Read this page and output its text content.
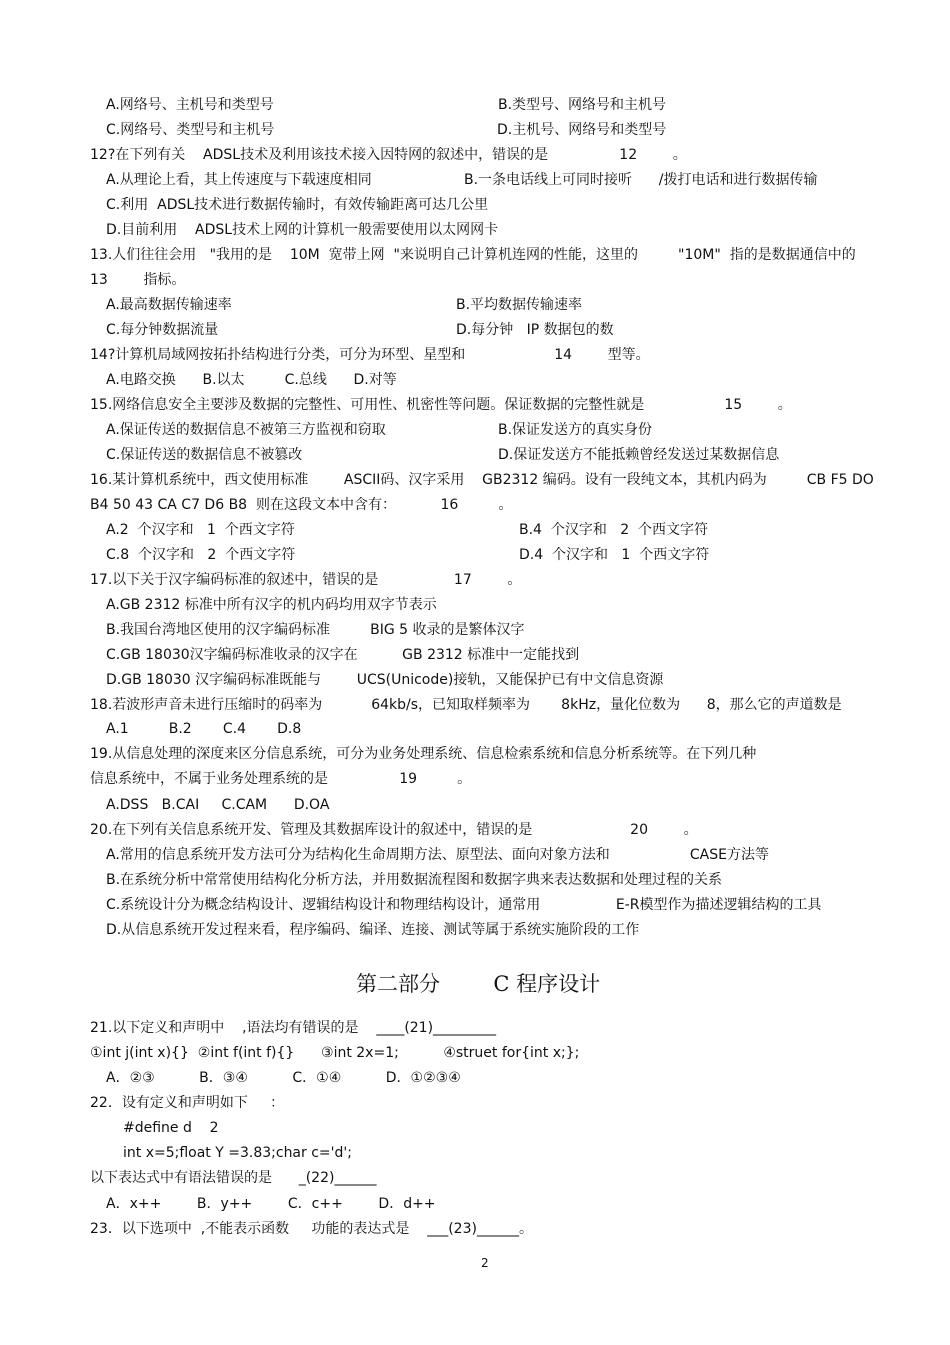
A.网络号、主机号和类型号	B.类型号、网络号和主机号
C.网络号、类型号和主机号	D.主机号、网络号和类型号
12?在下列有关    ADSL技术及利用该技术接入因特网的叙述中，错误的是                12        。
A.从理论上看，其上传速度与下载速度相同	B.一条电话线上可同时接听      /拨打电话和进行数据传输
C.利用  ADSL技术进行数据传输时，有效传输距离可达几公里
D.目前利用    ADSL技术上网的计算机一般需要使用以太网网卡
13.人们往往会用   "我用的是    10M  宽带上网  "来说明自己计算机连网的性能，这里的         "10M"  指的是数据通信中的
13        指标。
A.最高数据传输速率	B.平均数据传输速率
C.每分钟数据流量	D.每分钟   IP 数据包的数
14?计算机局域网按拓扑结构进行分类，可分为环型、星型和                    14        型等。
A.电路交换      B.以太         C.总线      D.对等
15.网络信息安全主要涉及数据的完整性、可用性、机密性等问题。保证数据的完整性就是                  15        。
A.保证传送的数据信息不被第三方监视和窃取	B.保证发送方的真实身份
C.保证传送的数据信息不被篡改	D.保证发送方不能抵赖曾经发送过某数据信息
16.某计算机系统中，西文使用标准        ASCII码、汉字采用    GB2312 编码。设有一段纯文本，其机内码为         CB F5 DO
B4 50 43 CA C7 D6 B8  则在这段文本中含有：          16         。
A.2  个汉字和   1  个西文字符	B.4  个汉字和   2  个西文字符
C.8  个汉字和   2  个西文字符	D.4  个汉字和   1  个西文字符
17.以下关于汉字编码标准的叙述中，错误的是                 17        。
A.GB 2312 标准中所有汉字的机内码均用双字节表示
B.我国台湾地区使用的汉字编码标准         BIG 5 收录的是繁体汉字
C.GB 18030汉字编码标准收录的汉字在          GB 2312 标准中一定能找到
D.GB 18030 汉字编码标准既能与        UCS(Unicode)接轨，又能保护已有中文信息资源
18.若波形声音未进行压缩时的码率为           64kb/s，已知取样频率为       8kHz，量化位数为      8，那么它的声道数是
A.1         B.2       C.4       D.8
19.从信息处理的深度来区分信息系统，可分为业务处理系统、信息检索系统和信息分析系统等。在下列几种
信息系统中，不属于业务处理系统的是                19         。
A.DSS   B.CAI     C.CAM      D.OA
20.在下列有关信息系统开发、管理及其数据库设计的叙述中，错误的是                      20        。
A.常用的信息系统开发方法可分为结构化生命周期方法、原型法、面向对象方法和                  CASE方法等
B.在系统分析中常常使用结构化分析方法，并用数据流程图和数据字典来表达数据和处理过程的关系
C.系统设计分为概念结构设计、逻辑结构设计和物理结构设计，通常用                 E-R模型作为描述逻辑结构的工具
D.从信息系统开发过程来看，程序编码、编译、连接、测试等属于系统实施阶段的工作
第二部分        C 程序设计
21.以下定义和声明中    ,语法均有错误的是    ____(21)_________
①int j(int x){}  ②int f(int f){}      ③int 2x=1;          ④struet for{int x;};
A．②③          B．③④          C．①④          D．①②③④
22．设有定义和声明如下     ：
#define d    2
int x=5;float Y =3.83;char c='d';
以下表达式中有语法错误的是      _(22)______
A．x++        B．y++        C．c++        D．d++
23．以下选项中  ,不能表示函数     功能的表达式是    ___(23)______。
2
